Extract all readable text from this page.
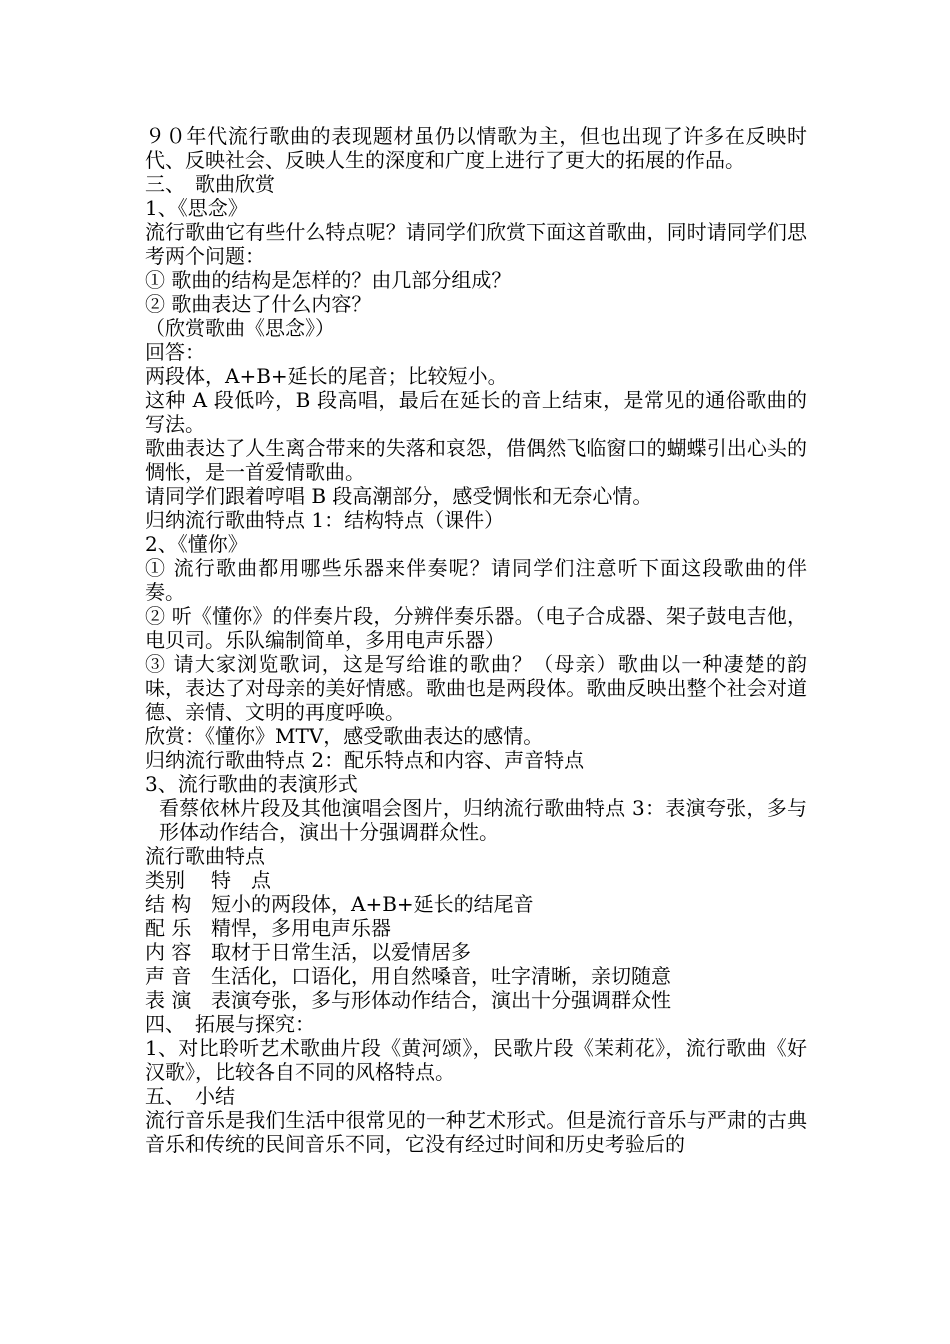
９０年代流行歌曲的表现题材虽仍以情歌为主，但也出现了许多在反映时代、反映社会、反映人生的深度和广度上进行了更大的拓展的作品。

三、　歌曲欣赏

1、《思念》

流行歌曲它有些什么特点呢？请同学们欣赏下面这首歌曲，同时请同学们思考两个问题：

① 歌曲的结构是怎样的？由几部分组成？

② 歌曲表达了什么内容？

（欣赏歌曲《思念》）

回答：

两段体，A+B+延长的尾音；比较短小。

这种 A 段低吟，B 段高唱，最后在延长的音上结束，是常见的通俗歌曲的写法。

歌曲表达了人生离合带来的失落和哀怨，借偶然飞临窗口的蝴蝶引出心头的惆怅，是一首爱情歌曲。

请同学们跟着哼唱 B 段高潮部分，感受惆怅和无奈心情。

归纳流行歌曲特点 1：结构特点（课件）

2、《懂你》

① 流行歌曲都用哪些乐器来伴奏呢？请同学们注意听下面这段歌曲的伴奏。

② 听《懂你》的伴奏片段，分辨伴奏乐器。（电子合成器、架子鼓电吉他，电贝司。乐队编制简单，多用电声乐器）

③ 请大家浏览歌词，这是写给谁的歌曲？（母亲）歌曲以一种凄楚的韵味，表达了对母亲的美好情感。歌曲也是两段体。歌曲反映出整个社会对道德、亲情、文明的再度呼唤。

欣赏：《懂你》MTV，感受歌曲表达的感情。

归纳流行歌曲特点 2：配乐特点和内容、声音特点

3、流行歌曲的表演形式

看蔡依林片段及其他演唱会图片，归纳流行歌曲特点 3：表演夸张，多与形体动作结合，演出十分强调群众性。

流行歌曲特点

类别	特　点
结 构 短小的两段体，A+B+延长的结尾音
配 乐 精悍，多用电声乐器
内 容 取材于日常生活，以爱情居多
声 音 生活化，口语化，用自然嗓音，吐字清晰，亲切随意
表 演 表演夸张，多与形体动作结合，演出十分强调群众性

四、　拓展与探究：

1、对比聆听艺术歌曲片段《黄河颂》，民歌片段《茉莉花》，流行歌曲《好汉歌》，比较各自不同的风格特点。

五、　小结

流行音乐是我们生活中很常见的一种艺术形式。但是流行音乐与严肃的古典音乐和传统的民间音乐不同，它没有经过时间和历史考验后的
